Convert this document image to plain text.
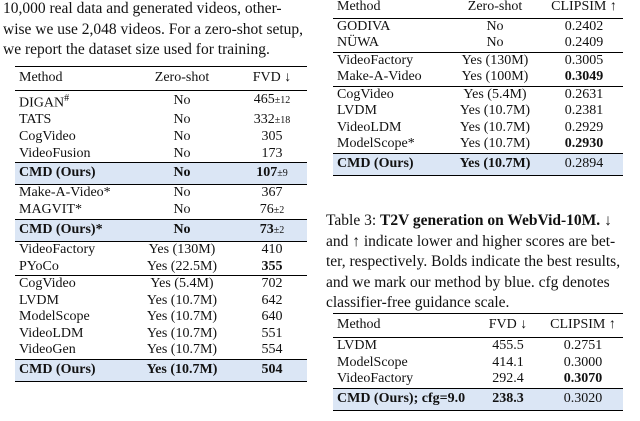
10,000 real data and generated videos, other-
wise we use 2,048 videos. For a zero-shot setup,
we report the dataset size used for training.
Method	Zero-shot	FVD ↓
DIGAN#	No	465±12
TATS	No	332±18
CogVideo	No	305
VideoFusion	No	173
CMD (Ours)	No	107±9
Make-A-Video*	No	367
MAGVIT*	No	76±2
CMD (Ours)*	No	73±2
VideoFactory	Yes (130M)	410
PYoCo	Yes (22.5M)	355
CogVideo	Yes (5.4M)	702
LVDM	Yes (10.7M)	642
ModelScope	Yes (10.7M)	640
VideoLDM	Yes (10.7M)	551
VideoGen	Yes (10.7M)	554
CMD (Ours)	Yes (10.7M)	504
Method	Zero-shot	CLIPSIM ↑
GODIVA	No	0.2402
NÜWA	No	0.2409
VideoFactory	Yes (130M)	0.3005
Make-A-Video	Yes (100M)	0.3049
CogVideo	Yes (5.4M)	0.2631
LVDM	Yes (10.7M)	0.2381
VideoLDM	Yes (10.7M)	0.2929
ModelScope*	Yes (10.7M)	0.2930
CMD (Ours)	Yes (10.7M)	0.2894
Table 3: T2V generation on WebVid-10M. ↓
and ↑ indicate lower and higher scores are bet-
ter, respectively. Bolds indicate the best results,
and we mark our method by blue. cfg denotes
classifier-free guidance scale.
Method	FVD ↓	CLIPSIM ↑
LVDM	455.5	0.2751
ModelScope	414.1	0.3000
VideoFactory	292.4	0.3070
CMD (Ours); cfg=9.0	238.3	0.3020
